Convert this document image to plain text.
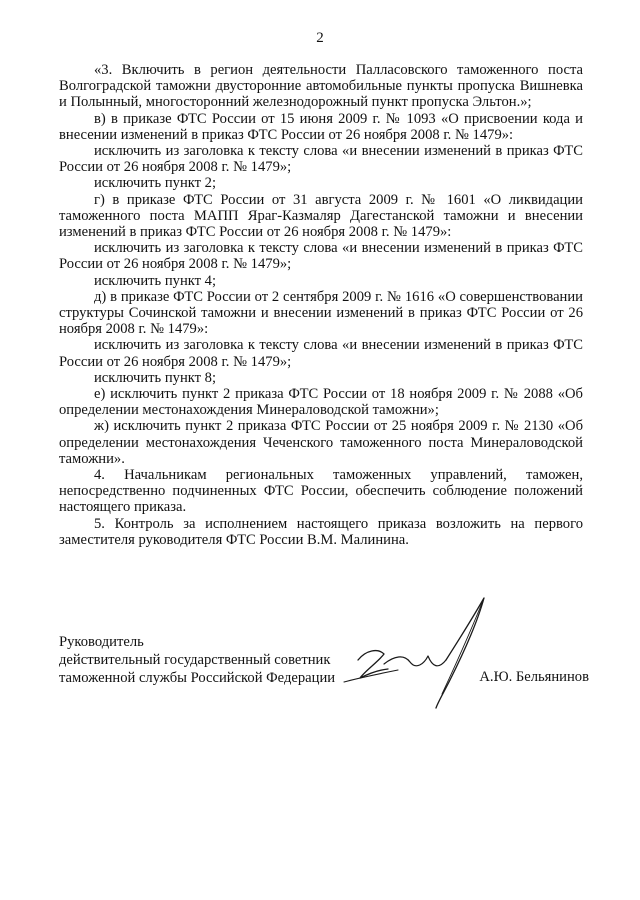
2

«3. Включить в регион деятельности Палласовского таможенного поста Волгоградской таможни двусторонние автомобильные пункты пропуска Вишневка и Полынный, многосторонний железнодорожный пункт пропуска Эльтон.»;

в) в приказе ФТС России от 15 июня 2009 г. № 1093 «О присвоении кода и внесении изменений в приказ ФТС России от 26 ноября 2008 г. № 1479»:

исключить из заголовка к тексту слова «и внесении изменений в приказ ФТС России от 26 ноября 2008 г. № 1479»;

исключить пункт 2;

г) в приказе ФТС России от 31 августа 2009 г. № 1601 «О ликвидации таможенного поста МАПП Яраг-Казмаляр Дагестанской таможни и внесении изменений в приказ ФТС России от 26 ноября 2008 г. № 1479»:

исключить из заголовка к тексту слова «и внесении изменений в приказ ФТС России от 26 ноября 2008 г. № 1479»;

исключить пункт 4;

д) в приказе ФТС России от 2 сентября 2009 г. № 1616 «О совершенствовании структуры Сочинской таможни и внесении изменений в приказ ФТС России от 26 ноября 2008 г. № 1479»:

исключить из заголовка к тексту слова «и внесении изменений в приказ ФТС России от 26 ноября 2008 г. № 1479»;

исключить пункт 8;

е) исключить пункт 2 приказа ФТС России от 18 ноября 2009 г. № 2088 «Об определении местонахождения Минераловодской таможни»;

ж) исключить пункт 2 приказа ФТС России от 25 ноября 2009 г. № 2130 «Об определении местонахождения Чеченского таможенного поста Минераловодской таможни».

4. Начальникам региональных таможенных управлений, таможен, непосредственно подчиненных ФТС России, обеспечить соблюдение положений настоящего приказа.

5. Контроль за исполнением настоящего приказа возложить на первого заместителя руководителя ФТС России В.М. Малинина.

Руководитель

действительный государственный советник

таможенной службы Российской Федерации	А.Ю. Бельянинов
